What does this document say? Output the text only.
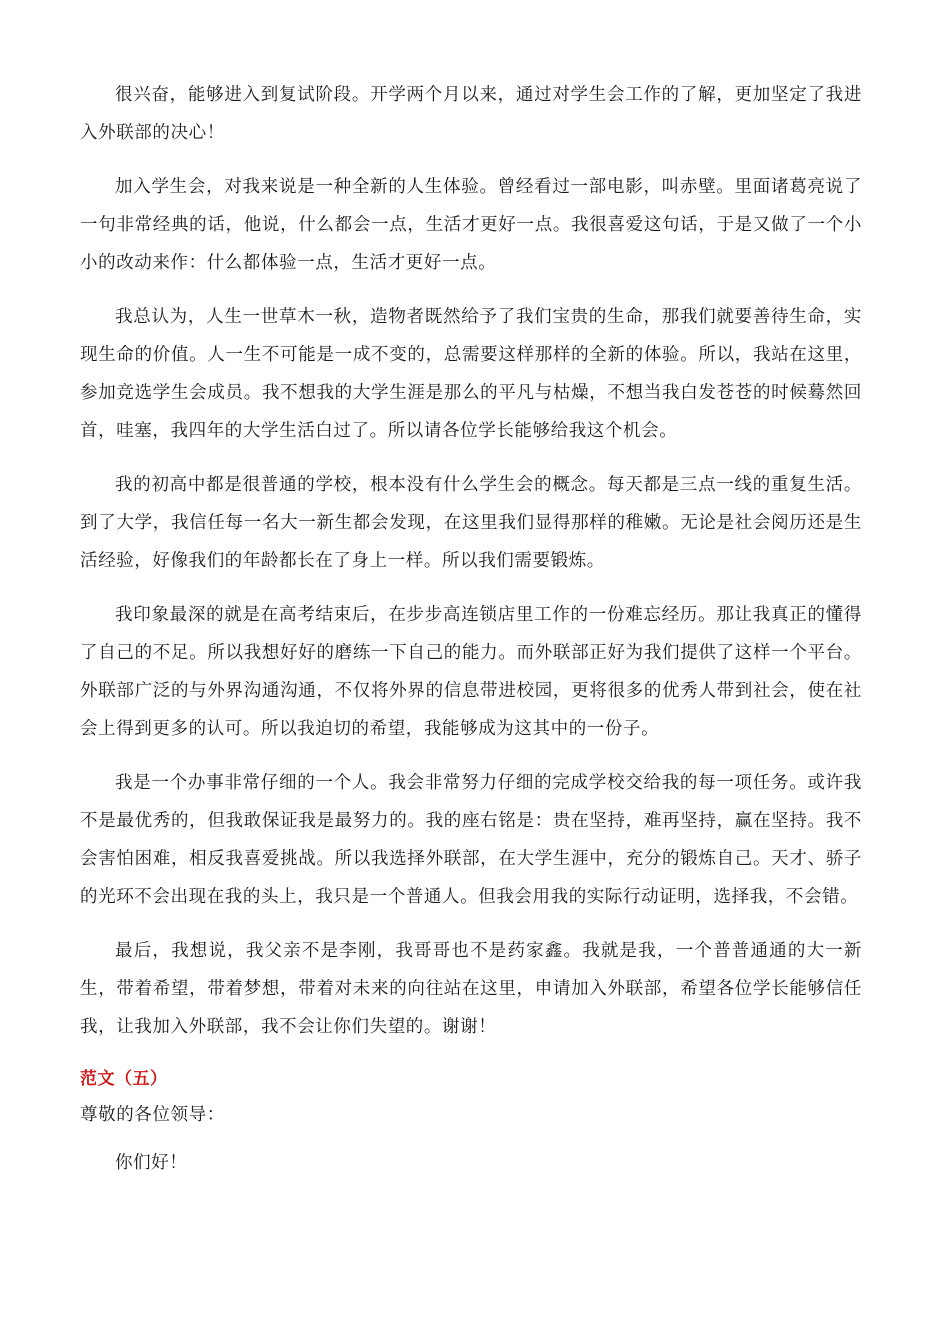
很兴奋，能够进入到复试阶段。开学两个月以来，通过对学生会工作的了解，更加坚定了我进入外联部的决心！

加入学生会，对我来说是一种全新的人生体验。曾经看过一部电影，叫赤壁。里面诸葛亮说了一句非常经典的话，他说，什么都会一点，生活才更好一点。我很喜爱这句话，于是又做了一个小小的改动来作：什么都体验一点，生活才更好一点。

我总认为，人生一世草木一秋，造物者既然给予了我们宝贵的生命，那我们就要善待生命，实现生命的价值。人一生不可能是一成不变的，总需要这样那样的全新的体验。所以，我站在这里，参加竞选学生会成员。我不想我的大学生涯是那么的平凡与枯燥，不想当我白发苍苍的时候蓦然回首，哇塞，我四年的大学生活白过了。所以请各位学长能够给我这个机会。

我的初高中都是很普通的学校，根本没有什么学生会的概念。每天都是三点一线的重复生活。到了大学，我信任每一名大一新生都会发现，在这里我们显得那样的稚嫩。无论是社会阅历还是生活经验，好像我们的年龄都长在了身上一样。所以我们需要锻炼。

我印象最深的就是在高考结束后，在步步高连锁店里工作的一份难忘经历。那让我真正的懂得了自己的不足。所以我想好好的磨练一下自己的能力。而外联部正好为我们提供了这样一个平台。外联部广泛的与外界沟通沟通，不仅将外界的信息带进校园，更将很多的优秀人带到社会，使在社会上得到更多的认可。所以我迫切的希望，我能够成为这其中的一份子。

我是一个办事非常仔细的一个人。我会非常努力仔细的完成学校交给我的每一项任务。或许我不是最优秀的，但我敢保证我是最努力的。我的座右铭是：贵在坚持，难再坚持，赢在坚持。我不会害怕困难，相反我喜爱挑战。所以我选择外联部，在大学生涯中，充分的锻炼自己。天才、骄子的光环不会出现在我的头上，我只是一个普通人。但我会用我的实际行动证明，选择我，不会错。

最后，我想说，我父亲不是李刚，我哥哥也不是药家鑫。我就是我，一个普普通通的大一新生，带着希望，带着梦想，带着对未来的向往站在这里，申请加入外联部，希望各位学长能够信任我，让我加入外联部，我不会让你们失望的。谢谢！

范文（五）

尊敬的各位领导：

你们好！
